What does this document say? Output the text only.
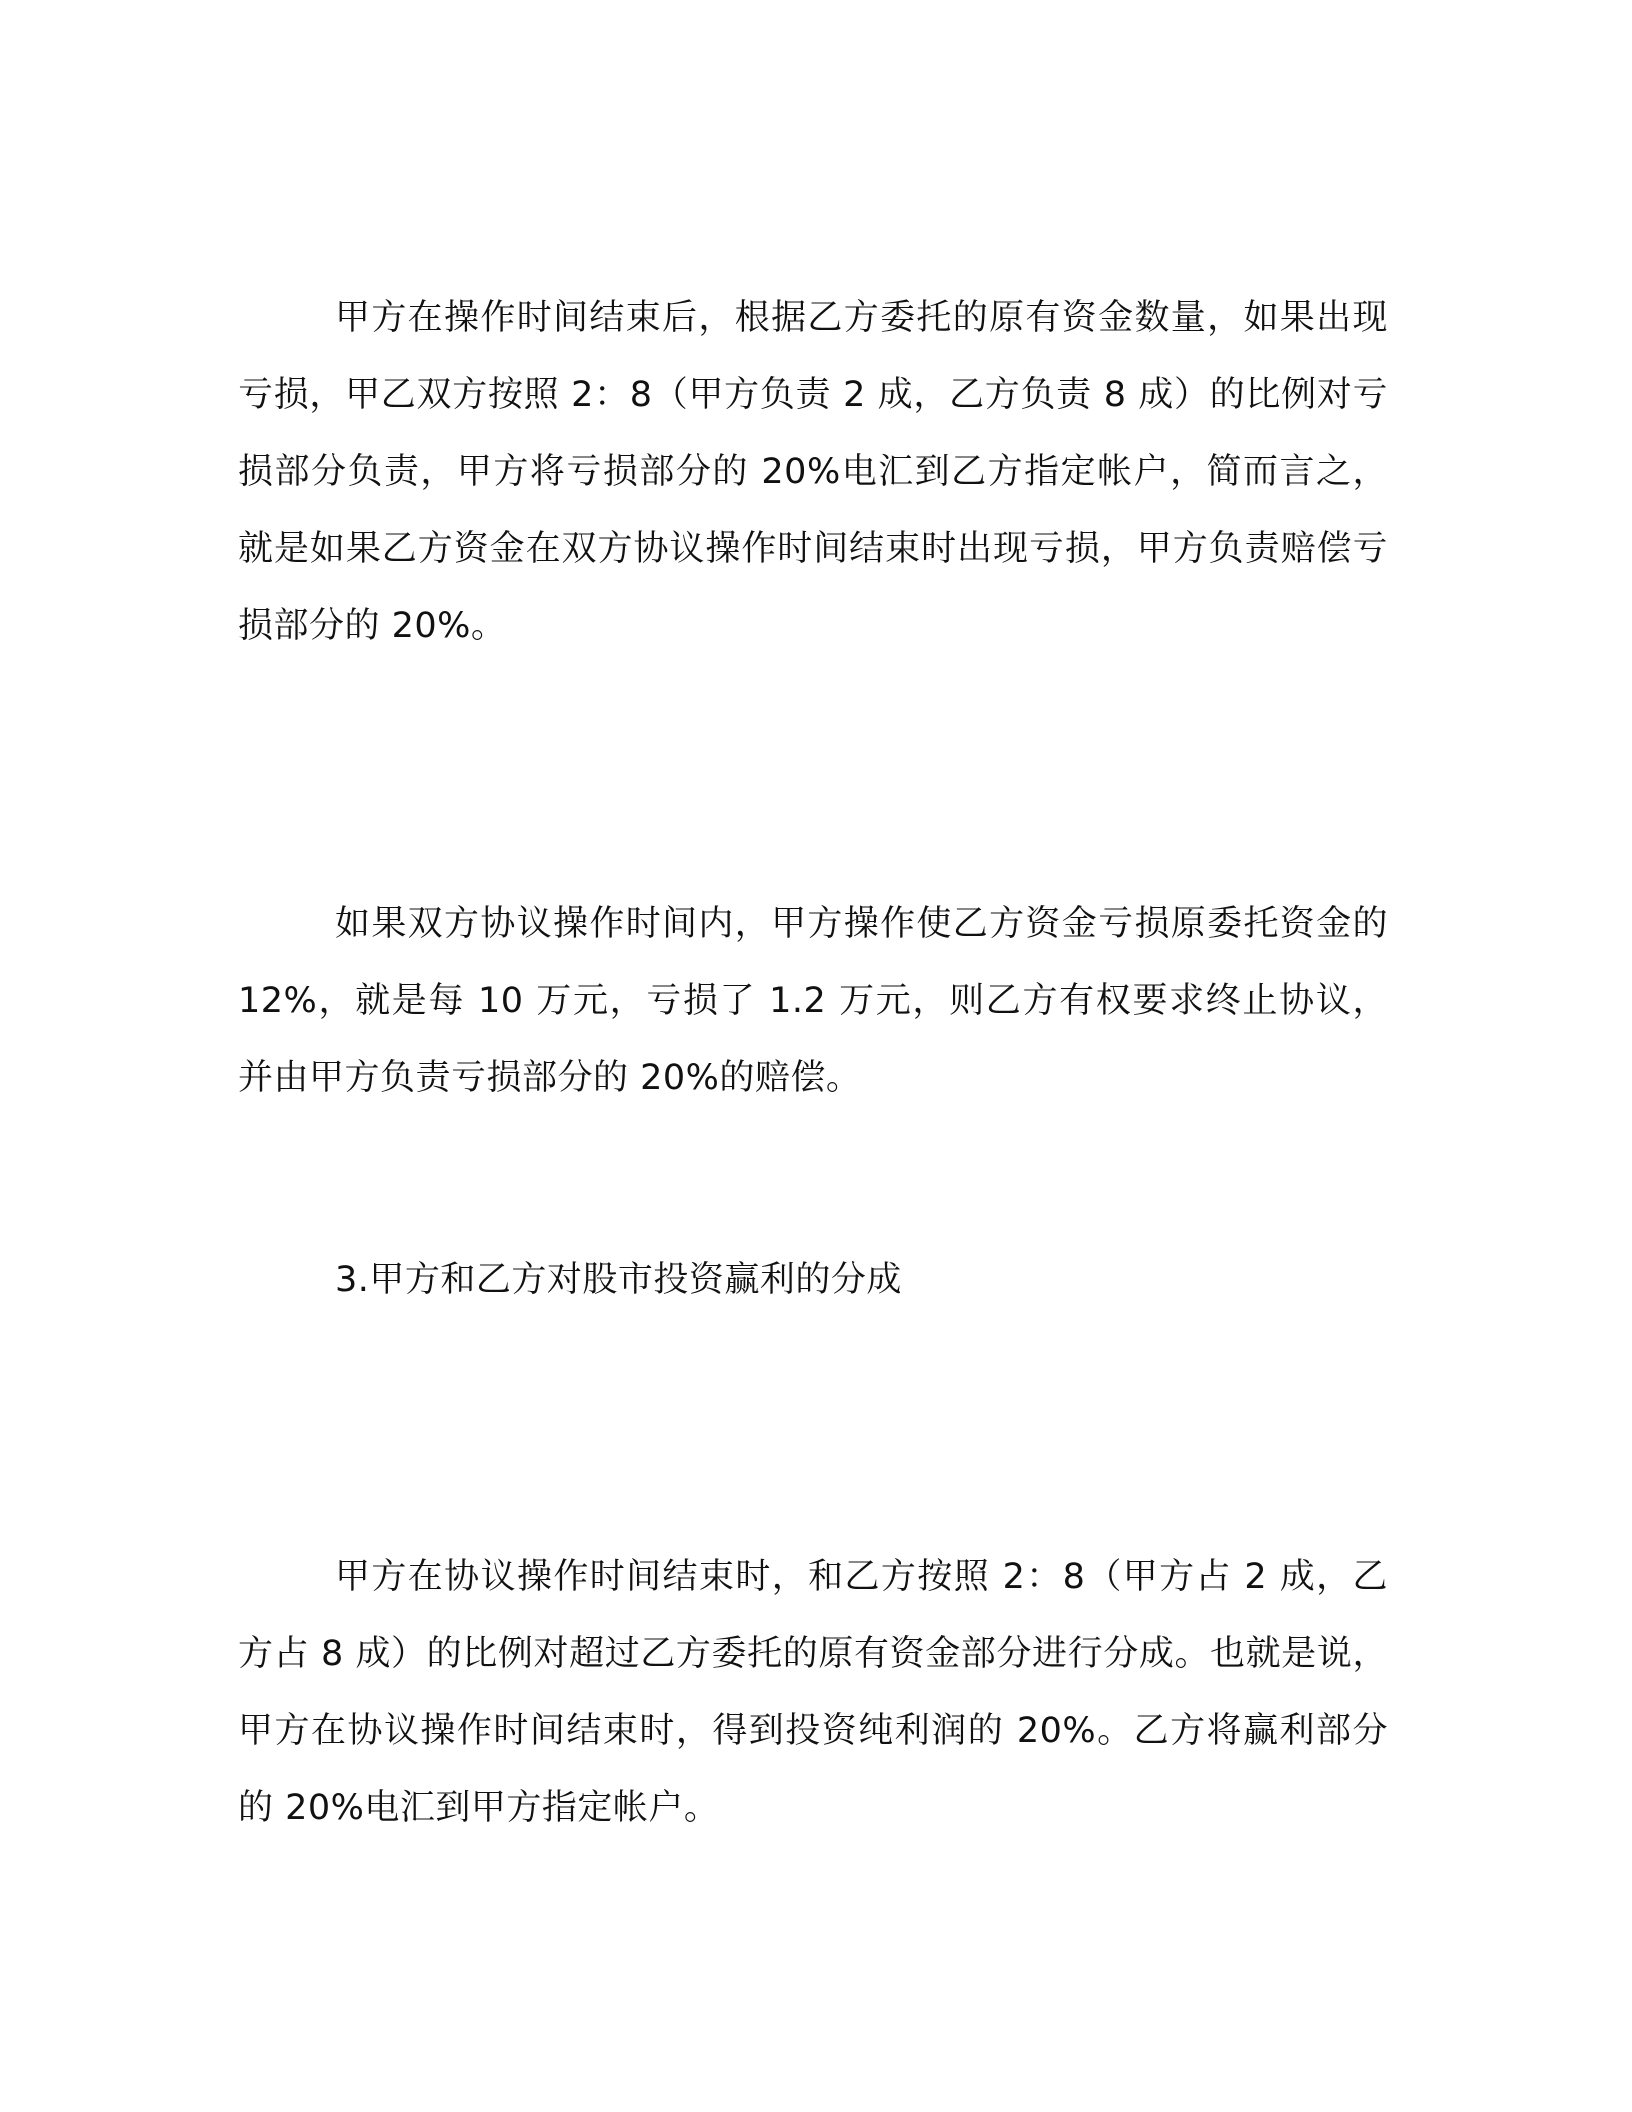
甲方在操作时间结束后，根据乙方委托的原有资金数量，如果出现亏损，甲乙双方按照 2：8（甲方负责 2 成，乙方负责 8 成）的比例对亏损部分负责，甲方将亏损部分的 20%电汇到乙方指定帐户，简而言之，就是如果乙方资金在双方协议操作时间结束时出现亏损，甲方负责赔偿亏损部分的 20%。

如果双方协议操作时间内，甲方操作使乙方资金亏损原委托资金的 12%，就是每 10 万元，亏损了 1.2 万元，则乙方有权要求终止协议，并由甲方负责亏损部分的 20%的赔偿。

3.甲方和乙方对股市投资赢利的分成

甲方在协议操作时间结束时，和乙方按照 2：8（甲方占 2 成，乙方占 8 成）的比例对超过乙方委托的原有资金部分进行分成。也就是说，甲方在协议操作时间结束时，得到投资纯利润的 20%。乙方将赢利部分的 20%电汇到甲方指定帐户。
